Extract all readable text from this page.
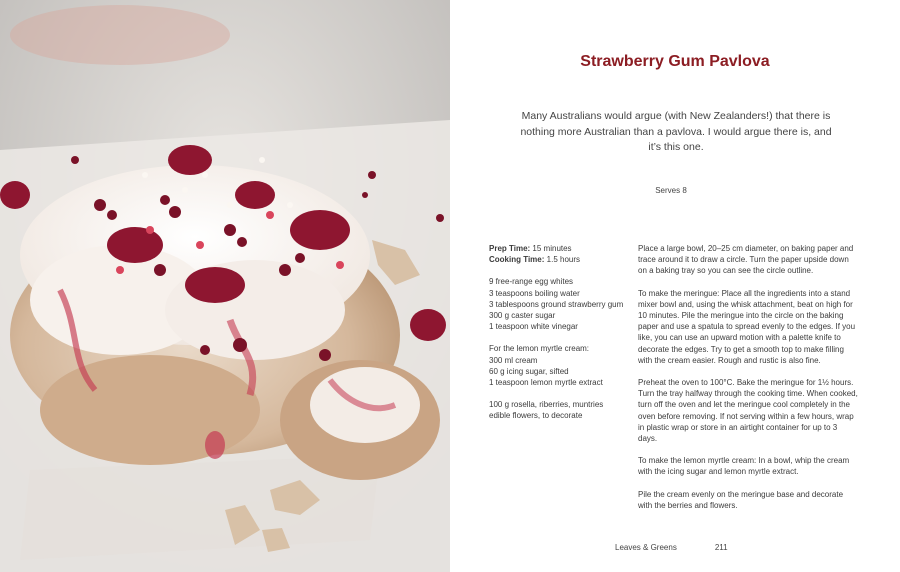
Strawberry Gum Pavlova
Many Australians would argue (with New Zealanders!) that there is nothing more Australian than a pavlova. I would argue there is, and it’s this one.
Serves 8

Prep Time: 15 minutes
Cooking Time: 1.5 hours

9 free-range egg whites
3 teaspoons boiling water
3 tablespoons ground strawberry gum
300 g caster sugar
1 teaspoon white vinegar

For the lemon myrtle cream:
300 ml cream
60 g icing sugar, sifted
1 teaspoon lemon myrtle extract

100 g rosella, riberries, muntries
edible flowers, to decorate

Place a large bowl, 20–25 cm diameter, on baking paper and trace around it to draw a circle. Turn the paper upside down on a baking tray so you can see the circle outline.

To make the meringue: Place all the ingredients into a stand mixer bowl and, using the whisk attachment, beat on high for 10 minutes. Pile the meringue into the circle on the baking paper and use a spatula to spread evenly to the edges. If you like, you can use an upward motion with a palette knife to decorate the edges. Try to get a smooth top to make filling with the cream easier. Rough and rustic is also fine.

Preheat the oven to 100°C. Bake the meringue for 1½ hours. Turn the tray halfway through the cooking time. When cooked, turn off the oven and let the meringue cool completely in the oven before removing. If not serving within a few hours, wrap in plastic wrap or store in an airtight container for up to 3 days.

To make the lemon myrtle cream: In a bowl, whip the cream with the icing sugar and lemon myrtle extract.

Pile the cream evenly on the meringue base and decorate with the berries and flowers.

Leaves & Greens	211
